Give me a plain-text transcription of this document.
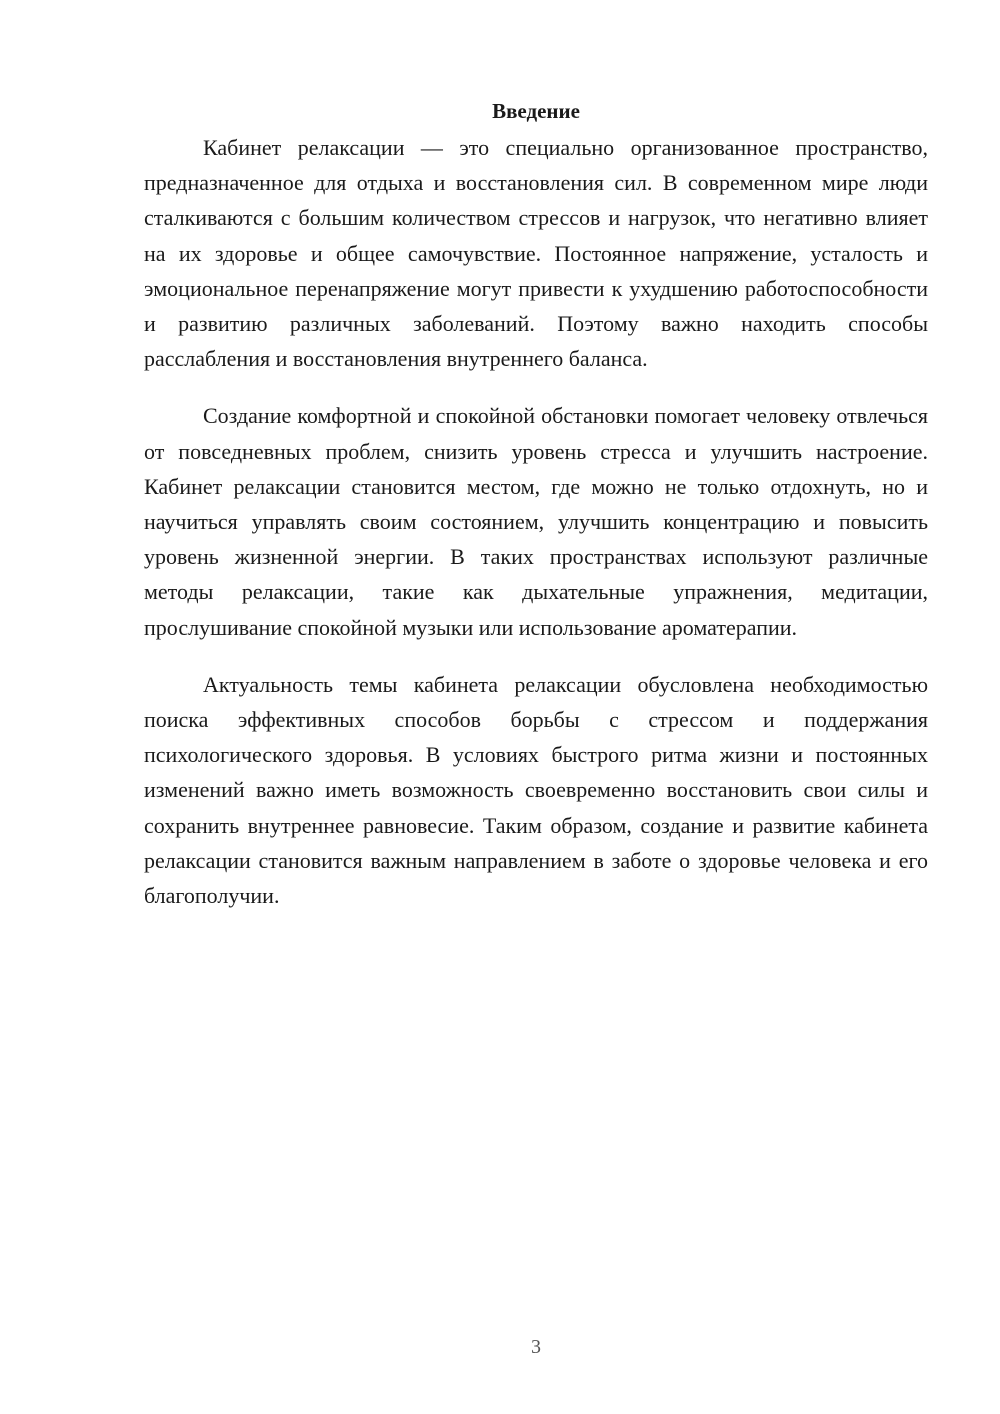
Введение

Кабинет релаксации — это специально организованное пространство, предназначенное для отдыха и восстановления сил. В современном мире люди сталкиваются с большим количеством стрессов и нагрузок, что негативно влияет на их здоровье и общее самочувствие. Постоянное напряжение, усталость и эмоциональное перенапряжение могут привести к ухудшению работоспособности и развитию различных заболеваний. Поэтому важно находить способы расслабления и восстановления внутреннего баланса.

Создание комфортной и спокойной обстановки помогает человеку отвлечься от повседневных проблем, снизить уровень стресса и улучшить настроение. Кабинет релаксации становится местом, где можно не только отдохнуть, но и научиться управлять своим состоянием, улучшить концентрацию и повысить уровень жизненной энергии. В таких пространствах используют различные методы релаксации, такие как дыхательные упражнения, медитации, прослушивание спокойной музыки или использование ароматерапии.

Актуальность темы кабинета релаксации обусловлена необходимостью поиска эффективных способов борьбы с стрессом и поддержания психологического здоровья. В условиях быстрого ритма жизни и постоянных изменений важно иметь возможность своевременно восстановить свои силы и сохранить внутреннее равновесие. Таким образом, создание и развитие кабинета релаксации становится важным направлением в заботе о здоровье человека и его благополучии.

3
